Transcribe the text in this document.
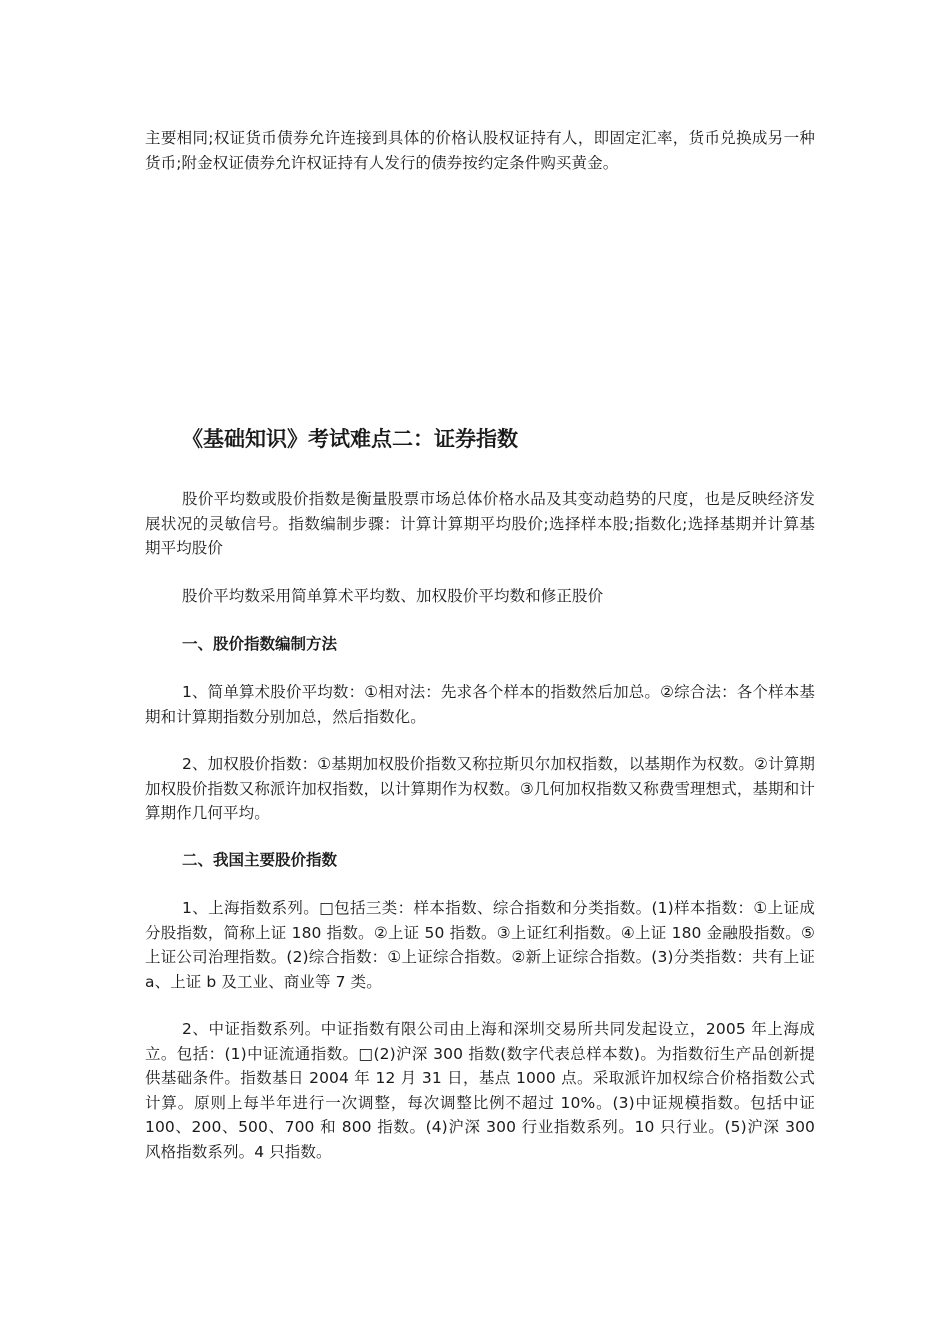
主要相同;权证货币债券允许连接到具体的价格认股权证持有人，即固定汇率，货币兑换成另一种货币;附金权证债券允许权证持有人发行的债券按约定条件购买黄金。

《基础知识》考试难点二：证券指数

股价平均数或股价指数是衡量股票市场总体价格水品及其变动趋势的尺度，也是反映经济发展状况的灵敏信号。指数编制步骤：计算计算期平均股价;选择样本股;指数化;选择基期并计算基期平均股价

股价平均数采用简单算术平均数、加权股价平均数和修正股价

一、股价指数编制方法

1、简单算术股价平均数：①相对法：先求各个样本的指数然后加总。②综合法：各个样本基期和计算期指数分别加总，然后指数化。

2、加权股价指数：①基期加权股价指数又称拉斯贝尔加权指数，以基期作为权数。②计算期加权股价指数又称派许加权指数，以计算期作为权数。③几何加权指数又称费雪理想式，基期和计算期作几何平均。

二、我国主要股价指数

1、上海指数系列。□包括三类：样本指数、综合指数和分类指数。(1)样本指数：①上证成分股指数，简称上证 180 指数。②上证 50 指数。③上证红利指数。④上证 180 金融股指数。⑤上证公司治理指数。(2)综合指数：①上证综合指数。②新上证综合指数。(3)分类指数：共有上证 a、上证 b 及工业、商业等 7 类。

2、中证指数系列。中证指数有限公司由上海和深圳交易所共同发起设立，2005 年上海成立。包括：(1)中证流通指数。□(2)沪深 300 指数(数字代表总样本数)。为指数衍生产品创新提供基础条件。指数基日 2004 年 12 月 31 日，基点 1000 点。采取派许加权综合价格指数公式计算。原则上每半年进行一次调整，每次调整比例不超过 10%。(3)中证规模指数。包括中证 100、200、500、700 和 800 指数。(4)沪深 300 行业指数系列。10 只行业。(5)沪深 300 风格指数系列。4 只指数。
